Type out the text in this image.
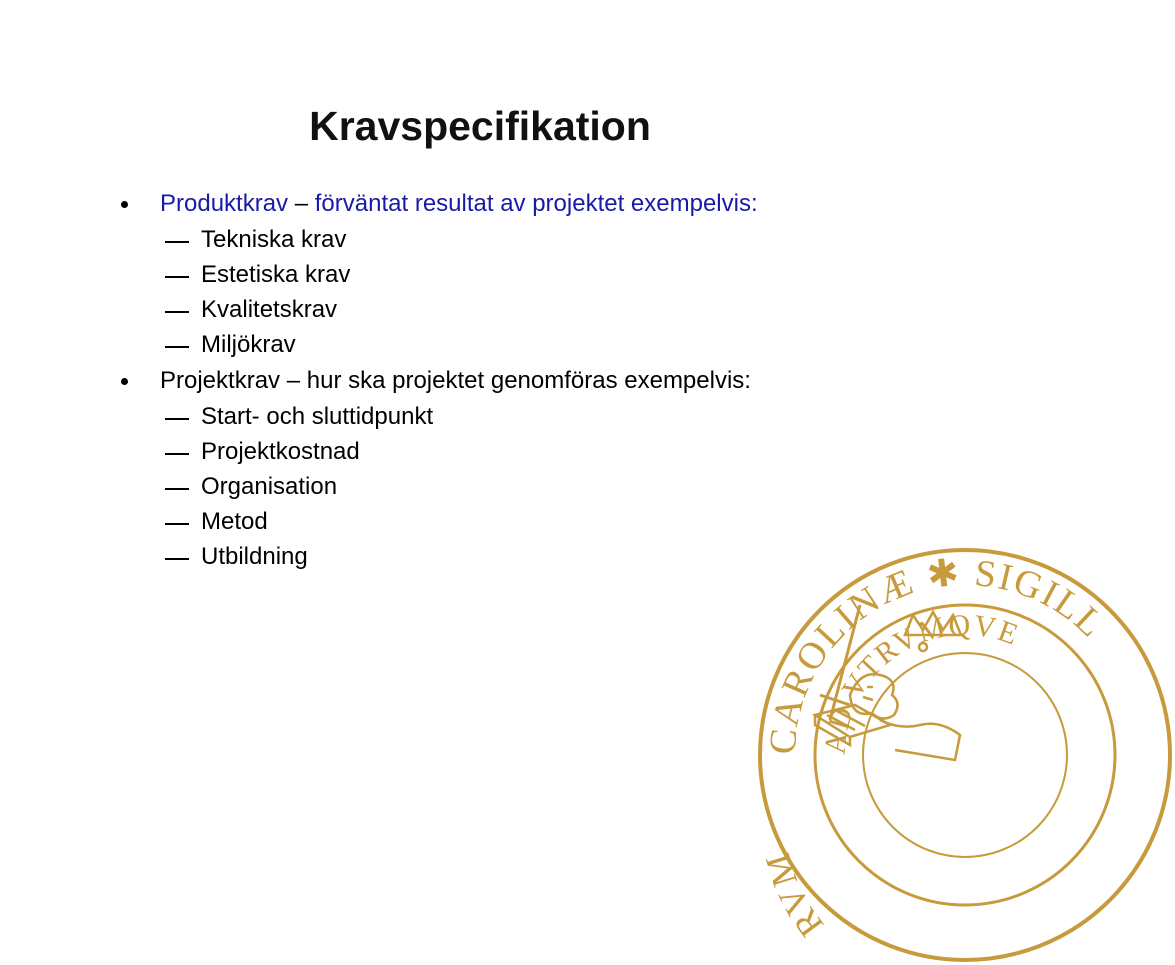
Kravspecifikation
Produktkrav – förväntat resultat av projektet exempelvis:
Tekniska krav
Estetiska krav
Kvalitetskrav
Miljökrav
Projektkrav – hur ska projektet genomföras exempelvis:
Start- och sluttidpunkt
Projektkostnad
Organisation
Metod
Utbildning
CAROLINÆ ✱ SIGILL
AD VTRVMQVE
RVM
